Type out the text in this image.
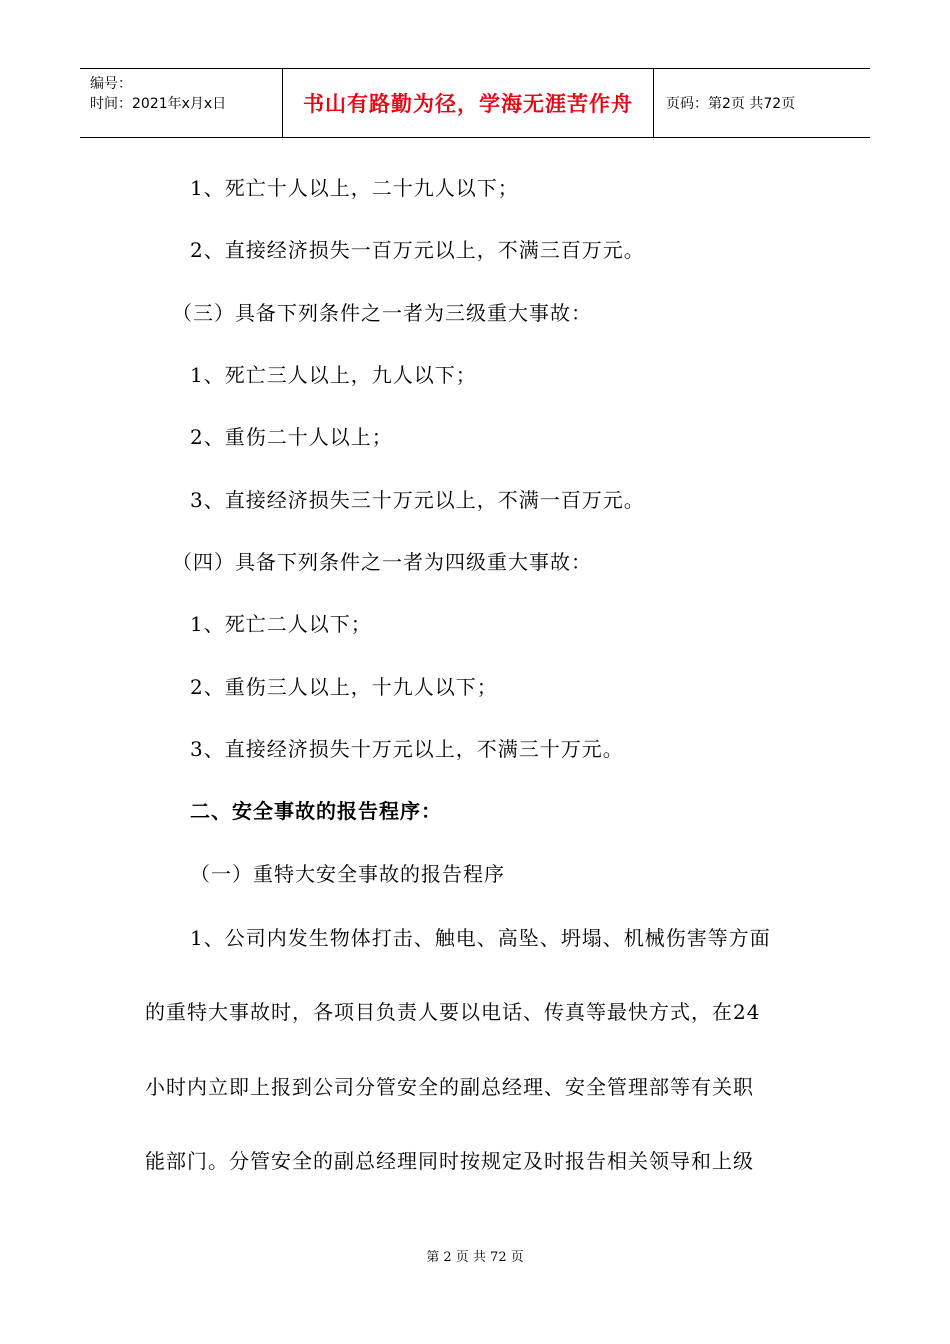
编号：
时间：2021年x月x日	书山有路勤为径，学海无涯苦作舟 页码：第2页 共72页
1、死亡十人以上，二十九人以下；
2、直接经济损失一百万元以上，不满三百万元。
（三）具备下列条件之一者为三级重大事故：
1、死亡三人以上，九人以下；
2、重伤二十人以上；
3、直接经济损失三十万元以上，不满一百万元。
（四）具备下列条件之一者为四级重大事故：
1、死亡二人以下；
2、重伤三人以上，十九人以下；
3、直接经济损失十万元以上，不满三十万元。
二、安全事故的报告程序：
（一）重特大安全事故的报告程序
1、公司内发生物体打击、触电、高坠、坍塌、机械伤害等方面
的重特大事故时，各项目负责人要以电话、传真等最快方式，在24
小时内立即上报到公司分管安全的副总经理、安全管理部等有关职
能部门。分管安全的副总经理同时按规定及时报告相关领导和上级
第 2 页 共 72 页
